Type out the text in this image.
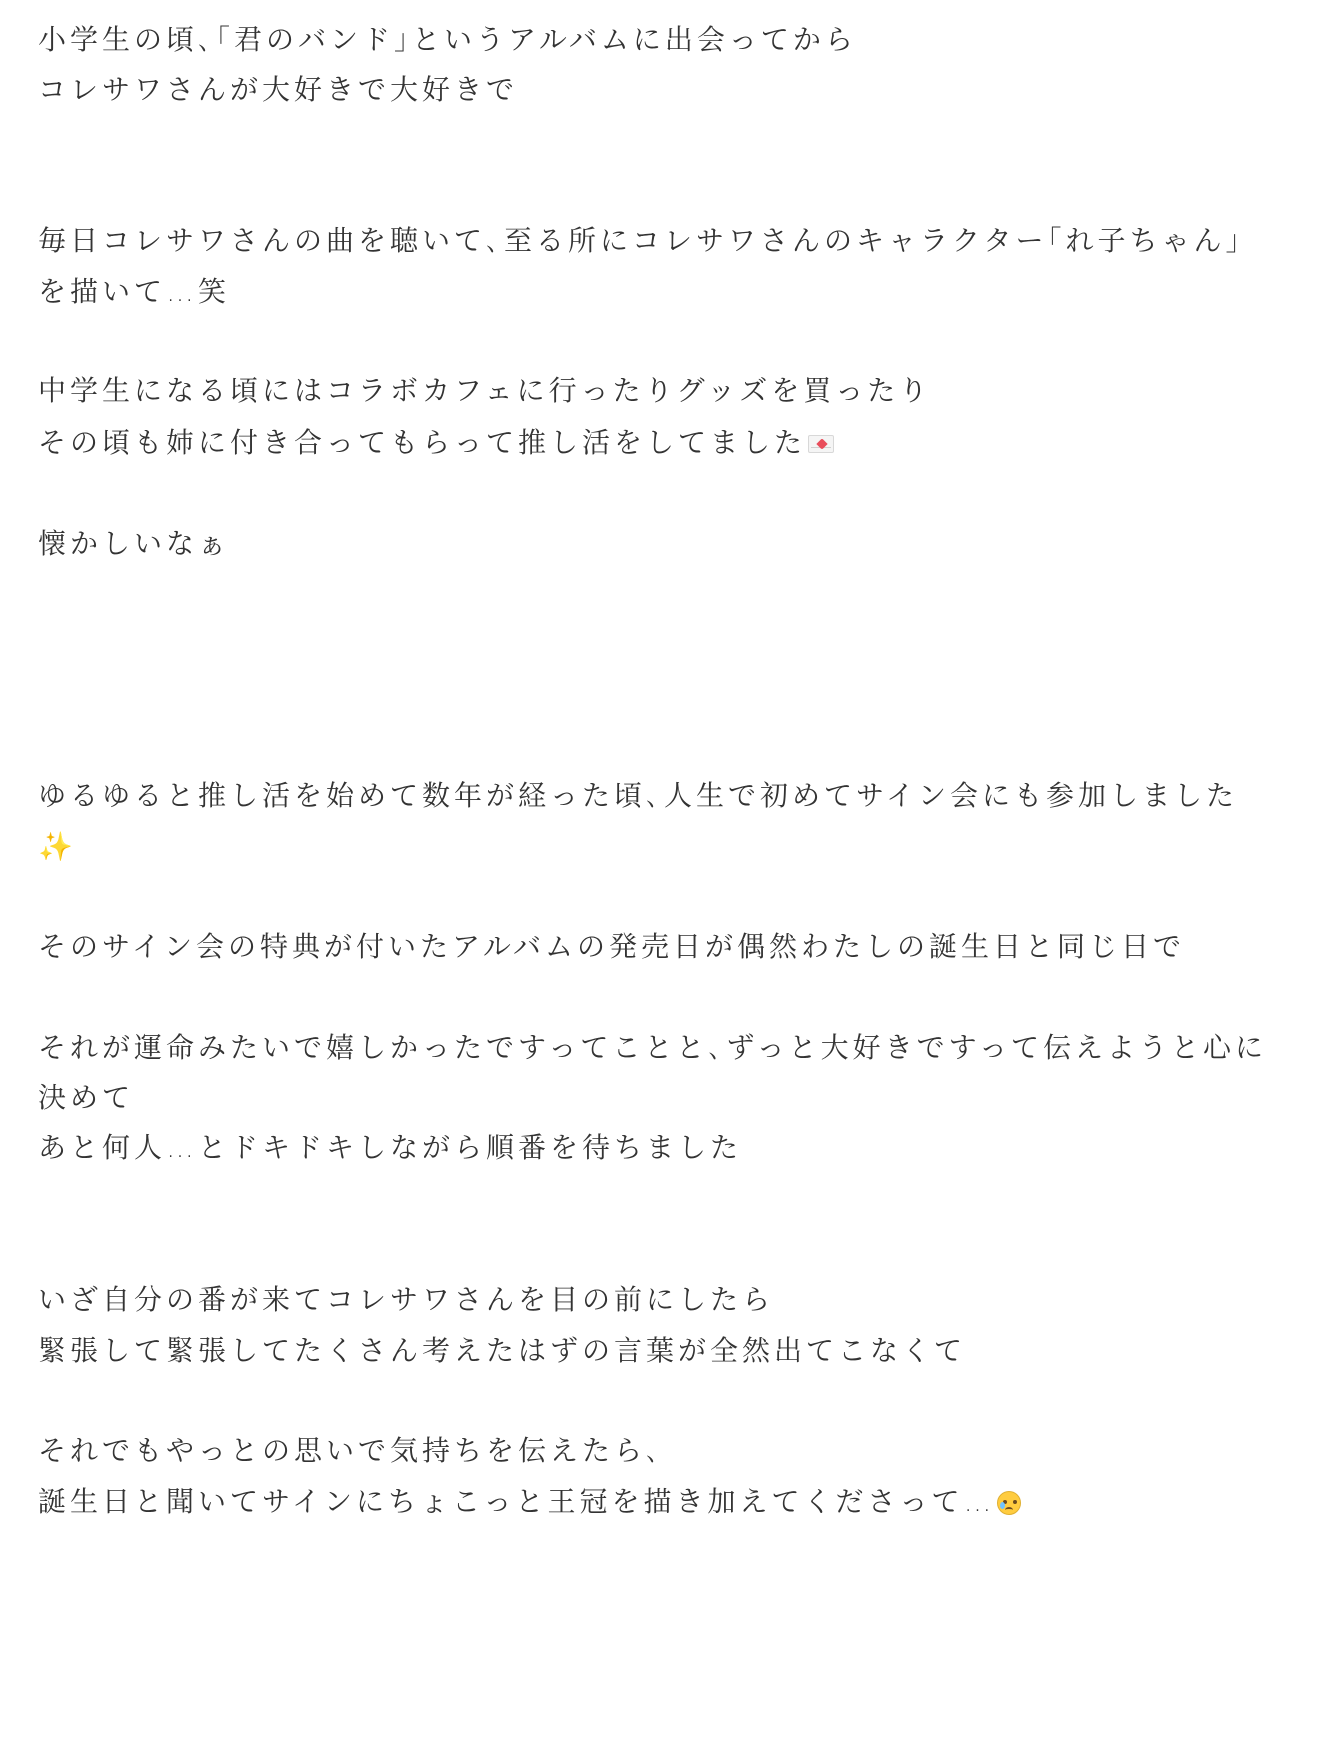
小学生の頃､｢君のバンド｣というアルバムに出会ってから
コレサワさんが大好きで大好きで
毎日コレサワさんの曲を聴いて､至る所にコレサワさんのキャラクター｢れ子ちゃん｣
を描いて…笑
中学生になる頃にはコラボカフェに行ったりグッズを買ったり
その頃も姉に付き合ってもらって推し活をしてました
懐かしいなぁ
ゆるゆると推し活を始めて数年が経った頃､人生で初めてサイン会にも参加しました
✨
そのサイン会の特典が付いたアルバムの発売日が偶然わたしの誕生日と同じ日で
それが運命みたいで嬉しかったですってことと､ずっと大好きですって伝えようと心に
決めて
あと何人…とドキドキしながら順番を待ちました
いざ自分の番が来てコレサワさんを目の前にしたら
緊張して緊張してたくさん考えたはずの言葉が全然出てこなくて
それでもやっとの思いで気持ちを伝えたら､
誕生日と聞いてサインにちょこっと王冠を描き加えてくださって…
